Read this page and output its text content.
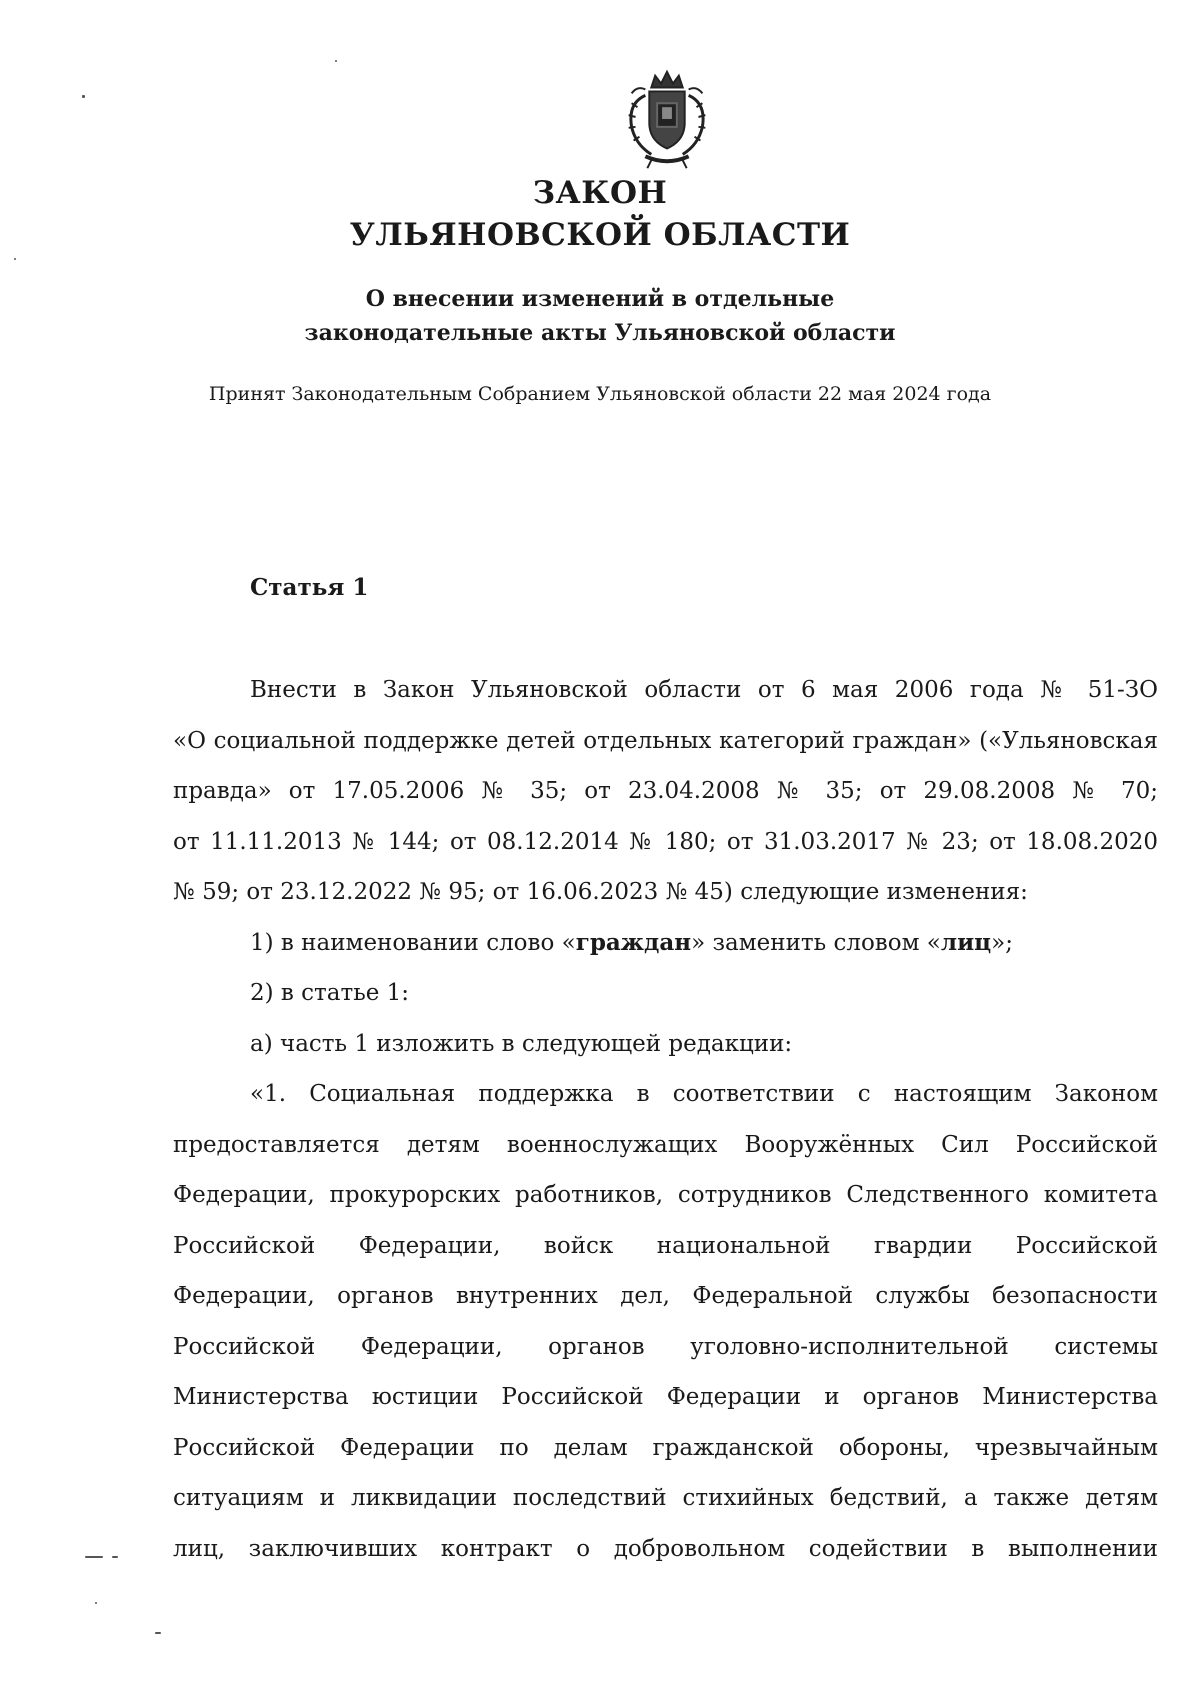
ЗАКОН
УЛЬЯНОВСКОЙ ОБЛАСТИ
О внесении изменений в отдельные
законодательные акты Ульяновской области
Принят Законодательным Собранием Ульяновской области 22 мая 2024 года
Статья 1
Внести в Закон Ульяновской области от 6 мая 2006 года № 51-ЗО
«О социальной поддержке детей отдельных категорий граждан» («Ульяновская
правда» от 17.05.2006 № 35; от 23.04.2008 № 35; от 29.08.2008 № 70;
от 11.11.2013 № 144; от 08.12.2014 № 180; от 31.03.2017 № 23; от 18.08.2020
№ 59; от 23.12.2022 № 95; от 16.06.2023 № 45) следующие изменения:
1) в наименовании слово «граждан» заменить словом «лиц»;
2) в статье 1:
а) часть 1 изложить в следующей редакции:
«1. Социальная поддержка в соответствии с настоящим Законом
предоставляется детям военнослужащих Вооружённых Сил Российской
Федерации, прокурорских работников, сотрудников Следственного комитета
Российской Федерации, войск национальной гвардии Российской
Федерации, органов внутренних дел, Федеральной службы безопасности
Российской Федерации, органов уголовно-исполнительной системы
Министерства юстиции Российской Федерации и органов Министерства
Российской Федерации по делам гражданской обороны, чрезвычайным
ситуациям и ликвидации последствий стихийных бедствий, а также детям
лиц, заключивших контракт о добровольном содействии в выполнении
